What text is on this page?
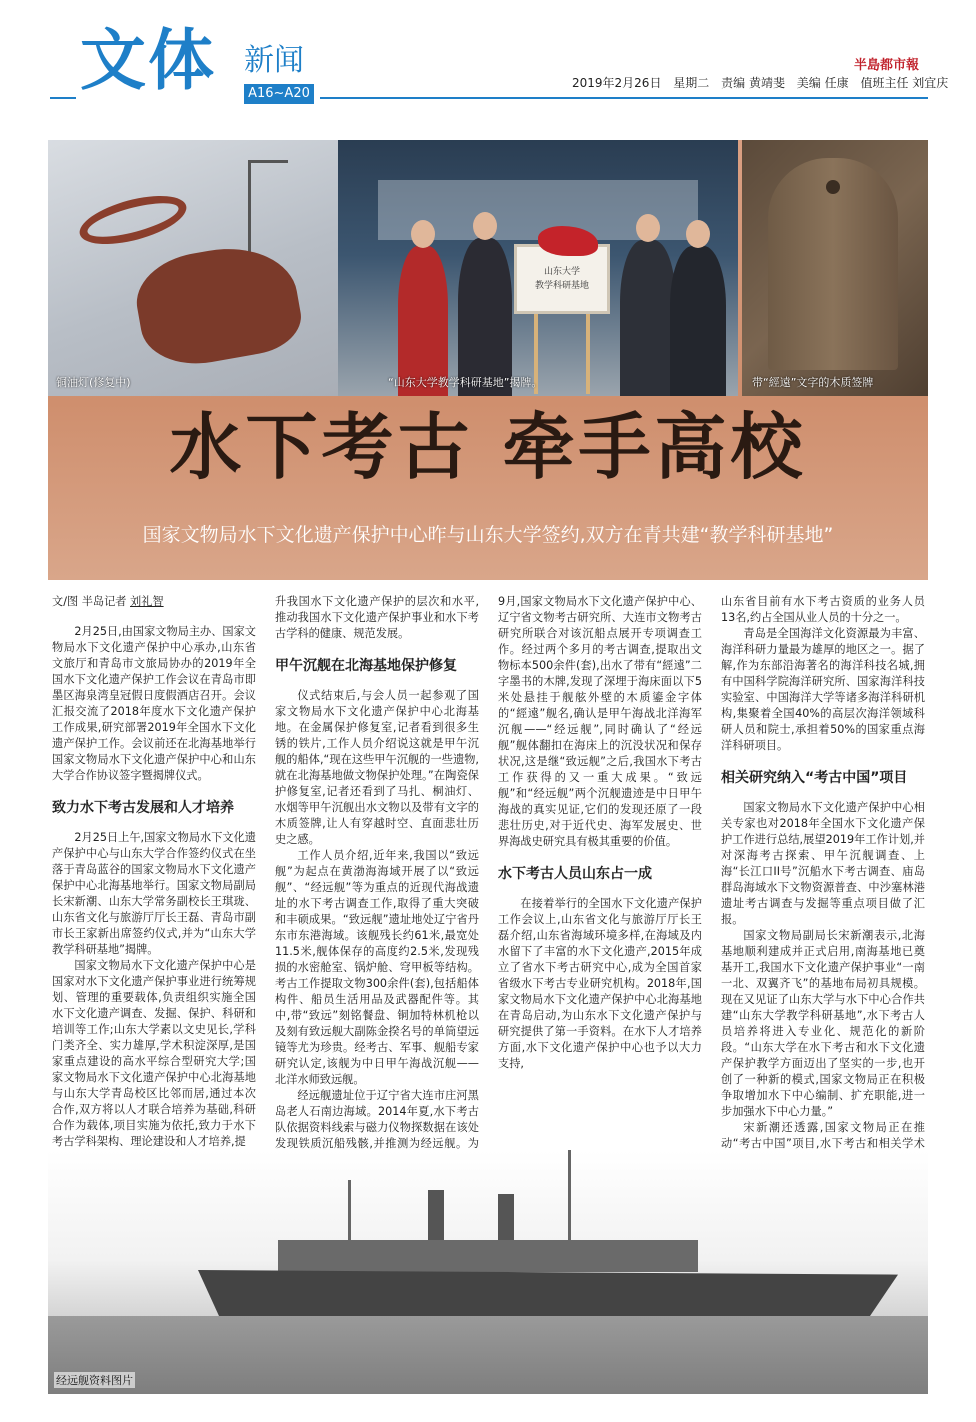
文体 新闻
A16~A20
半島都市報
2019年2月26日 星期二 责编 黄靖斐 美编 任康 值班主任 刘宜庆
铜油灯(修复中)
山东大学
教学科研基地
“山东大学教学科研基地”揭牌。	带“經遠”文字的木质签牌
水下考古 牵手高校
国家文物局水下文化遗产保护中心昨与山东大学签约,双方在青共建“教学科研基地”
文/图 半岛记者 刘礼智

2月25日,由国家文物局主办、国家文物局水下文化遗产保护中心承办,山东省文旅厅和青岛市文旅局协办的2019年全国水下文化遗产保护工作会议在青岛市即墨区海泉湾皇冠假日度假酒店召开。会议汇报交流了2018年度水下文化遗产保护工作成果,研究部署2019年全国水下文化遗产保护工作。会议前还在北海基地举行国家文物局水下文化遗产保护中心和山东大学合作协议签字暨揭牌仪式。

致力水下考古发展和人才培养

2月25日上午,国家文物局水下文化遗产保护中心与山东大学合作签约仪式在坐落于青岛蓝谷的国家文物局水下文化遗产保护中心北海基地举行。国家文物局副局长宋新潮、山东大学常务副校长王琪珑、山东省文化与旅游厅厅长王磊、青岛市副市长王家新出席签约仪式,并为“山东大学教学科研基地”揭牌。

国家文物局水下文化遗产保护中心是国家对水下文化遗产保护事业进行统筹规划、管理的重要载体,负责组织实施全国水下文化遗产调查、发掘、保护、科研和培训等工作;山东大学素以文史见长,学科门类齐全、实力雄厚,学术积淀深厚,是国家重点建设的高水平综合型研究大学;国家文物局水下文化遗产保护中心北海基地与山东大学青岛校区比邻而居,通过本次合作,双方将以人才联合培养为基础,科研合作为载体,项目实施为依托,致力于水下考古学科架构、理论建设和人才培养,提

升我国水下文化遗产保护的层次和水平,推动我国水下文化遗产保护事业和水下考古学科的健康、规范发展。

甲午沉舰在北海基地保护修复

仪式结束后,与会人员一起参观了国家文物局水下文化遗产保护中心北海基地。在金属保护修复室,记者看到很多生锈的铁片,工作人员介绍说这就是甲午沉舰的船体,“现在这些甲午沉舰的一些遗物,就在北海基地做文物保护处理。”在陶瓷保护修复室,记者还看到了马扎、桐油灯、水烟等甲午沉舰出水文物以及带有文字的木质签牌,让人有穿越时空、直面悲壮历史之感。

工作人员介绍,近年来,我国以“致远舰”为起点在黄渤海海域开展了以“致远舰”、“经远舰”等为重点的近现代海战遗址的水下考古调查工作,取得了重大突破和丰硕成果。“致远舰”遗址地处辽宁省丹东市东港海域。该舰残长约61米,最宽处11.5米,舰体保存的高度约2.5米,发现残损的水密舱室、锅炉舱、穹甲板等结构。考古工作提取文物300余件(套),包括船体构件、船员生活用品及武器配件等。其中,带“致远”刻铭餐盘、铜加特林机枪以及刻有致远舰大副陈金揆名号的单筒望远镜等尤为珍贵。经考古、军事、舰船专家研究认定,该舰为中日甲午海战沉舰——北洋水师致远舰。

经远舰遗址位于辽宁省大连市庄河黑岛老人石南边海域。2014年夏,水下考古队依据资料线索与磁力仪物探数据在该处发现铁质沉船残骸,并推测为经远舰。为

9月,国家文物局水下文化遗产保护中心、辽宁省文物考古研究所、大连市文物考古研究所联合对该沉船点展开专项调查工作。经过两个多月的考古调查,提取出文物标本500余件(套),出水了带有“經遠”二字墨书的木牌,发现了深埋于海床面以下5米处悬挂于舰舷外壁的木质鎏金字体的“經遠”舰名,确认是甲午海战北洋海军沉舰——“经远舰”,同时确认了“经远舰”舰体翻扣在海床上的沉没状况和保存状况,这是继“致远舰”之后,我国水下考古工作获得的又一重大成果。“致远舰”和“经远舰”两个沉舰遗迹是中日甲午海战的真实见证,它们的发现还原了一段悲壮历史,对于近代史、海军发展史、世界海战史研究具有极其重要的价值。

水下考古人员山东占一成

在接着举行的全国水下文化遗产保护工作会议上,山东省文化与旅游厅厅长王磊介绍,山东省海域环境多样,在海域及内水留下了丰富的水下文化遗产,2015年成立了省水下考古研究中心,成为全国首家省级水下考古专业研究机构。2018年,国家文物局水下文化遗产保护中心北海基地在青岛启动,为山东水下文化遗产保护与研究提供了第一手资料。在水下人才培养方面,水下文化遗产保护中心也予以大力支持,

山东省目前有水下考古资质的业务人员13名,约占全国从业人员的十分之一。

青岛是全国海洋文化资源最为丰富、海洋科研力量最为雄厚的地区之一。据了解,作为东部沿海著名的海洋科技名城,拥有中国科学院海洋研究所、国家海洋科技实验室、中国海洋大学等诸多海洋科研机构,集聚着全国40%的高层次海洋领域科研人员和院士,承担着50%的国家重点海洋科研项目。

相关研究纳入“考古中国”项目

国家文物局水下文化遗产保护中心相关专家也对2018年全国水下文化遗产保护工作进行总结,展望2019年工作计划,并对深海考古探索、甲午沉舰调查、上海“长江口II号”沉船水下考古调查、庙岛群岛海域水下文物资源普查、中沙塞林港遗址考古调查与发掘等重点项目做了汇报。

国家文物局副局长宋新潮表示,北海基地顺利建成并正式启用,南海基地已奠基开工,我国水下文化遗产保护事业“一南一北、双翼齐飞”的基地布局初具规模。现在又见证了山东大学与水下中心合作共建“山东大学教学科研基地”,水下考古人员培养将进入专业化、规范化的新阶段。“山东大学在水下考古和水下文化遗产保护教学方面迈出了坚实的一步,也开创了一种新的模式,国家文物局正在积极争取增加水下中心编制、扩充职能,进一步加强水下中心力量。”

宋新潮还透露,国家文物局正在推动“考古中国”项目,水下考古和相关学术

经远舰资料图片
